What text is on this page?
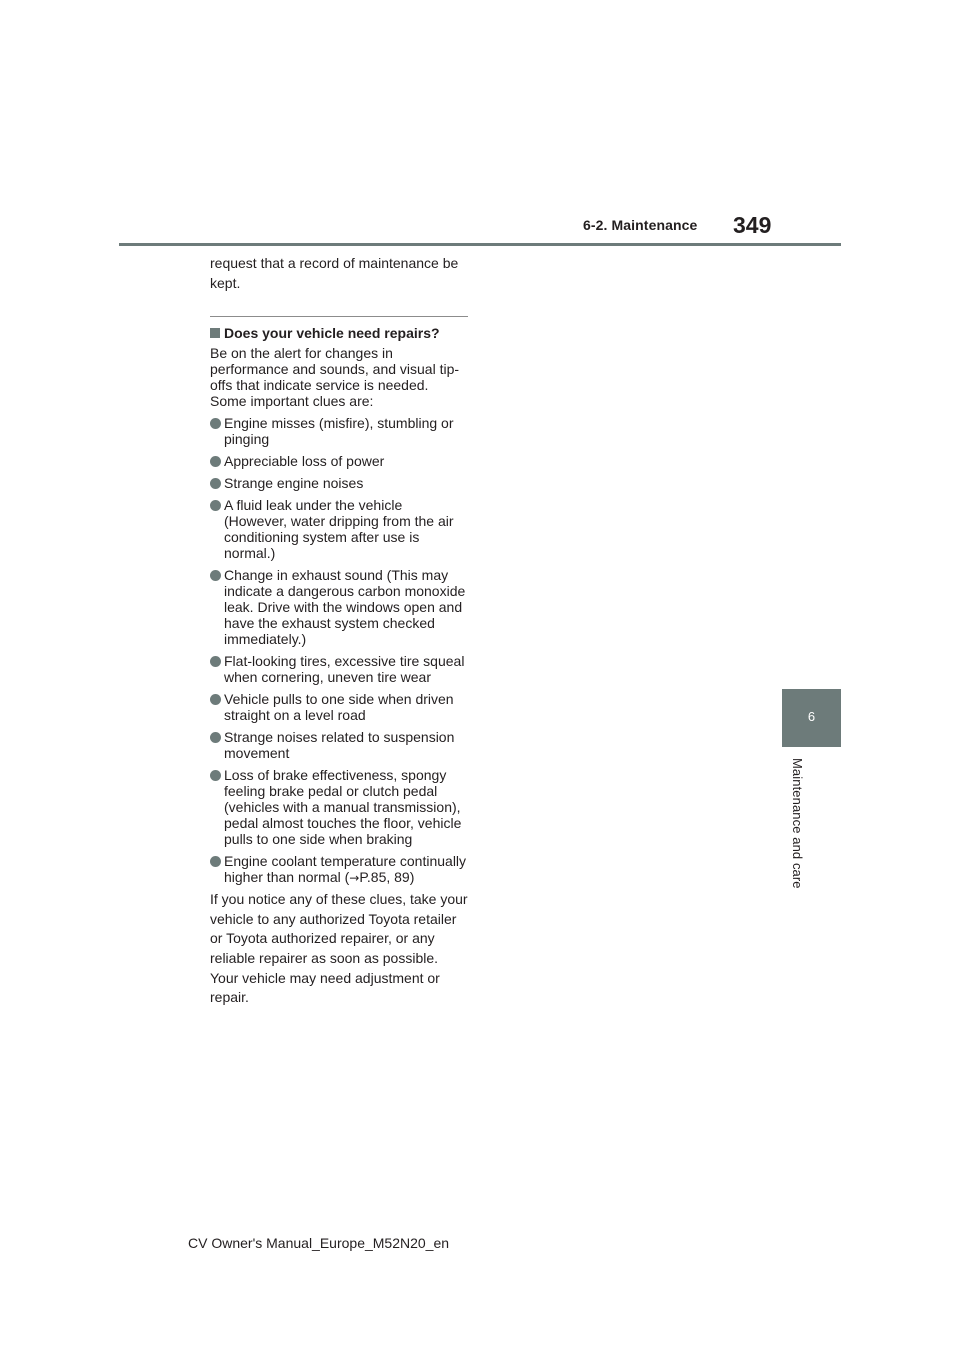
6-2. Maintenance 349
6
Maintenance and care

request that a record of maintenance be kept.

Does your vehicle need repairs?
Be on the alert for changes in performance and sounds, and visual tip-offs that indicate service is needed. Some important clues are:
Engine misses (misfire), stumbling or pinging
Appreciable loss of power
Strange engine noises
A fluid leak under the vehicle (However, water dripping from the air conditioning system after use is normal.)
Change in exhaust sound (This may indicate a dangerous carbon monoxide leak. Drive with the windows open and have the exhaust system checked immediately.)
Flat-looking tires, excessive tire squeal when cornering, uneven tire wear
Vehicle pulls to one side when driven straight on a level road
Strange noises related to suspension movement
Loss of brake effectiveness, spongy feeling brake pedal or clutch pedal (vehicles with a manual transmission), pedal almost touches the floor, vehicle pulls to one side when braking
Engine coolant temperature continually higher than normal (→P.85, 89)
If you notice any of these clues, take your vehicle to any authorized Toyota retailer or Toyota authorized repairer, or any reliable repairer as soon as possible. Your vehicle may need adjustment or repair.
CV Owner's Manual_Europe_M52N20_en
